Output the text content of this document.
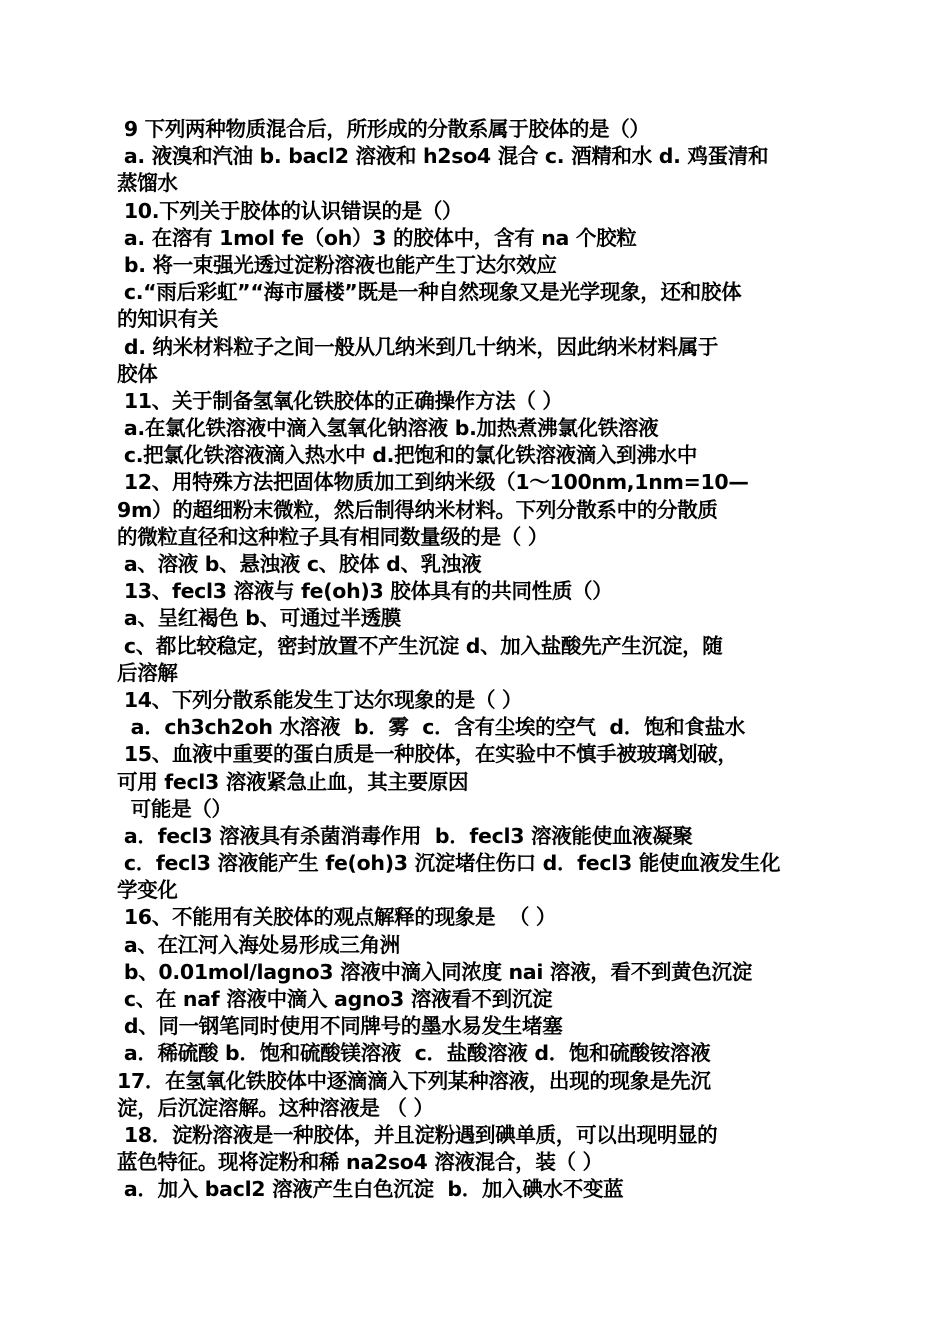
9 下列两种物质混合后，所形成的分散系属于胶体的是（）
a. 液溴和汽油 b. bacl2 溶液和 h2so4 混合 c. 酒精和水 d. 鸡蛋清和
蒸馏水
10.下列关于胶体的认识错误的是（）
a. 在溶有 1mol fe（oh）3 的胶体中，含有 na 个胶粒
b. 将一束强光透过淀粉溶液也能产生丁达尔效应
c.“雨后彩虹”“海市蜃楼”既是一种自然现象又是光学现象，还和胶体
的知识有关
d. 纳米材料粒子之间一般从几纳米到几十纳米，因此纳米材料属于
胶体
11、关于制备氢氧化铁胶体的正确操作方法（ ）
a.在氯化铁溶液中滴入氢氧化钠溶液 b.加热煮沸氯化铁溶液
c.把氯化铁溶液滴入热水中 d.把饱和的氯化铁溶液滴入到沸水中
12、用特殊方法把固体物质加工到纳米级（1～100nm,1nm=10—
9m）的超细粉末微粒，然后制得纳米材料。下列分散系中的分散质
的微粒直径和这种粒子具有相同数量级的是（ ）
a、溶液 b、悬浊液 c、胶体 d、乳浊液
13、fecl3 溶液与 fe(oh)3 胶体具有的共同性质（）
a、呈红褐色 b、可通过半透膜
c、都比较稳定，密封放置不产生沉淀 d、加入盐酸先产生沉淀，随
后溶解
14、下列分散系能发生丁达尔现象的是（ ）
a．ch3ch2oh 水溶液  b．雾  c．含有尘埃的空气  d．饱和食盐水
15、血液中重要的蛋白质是一种胶体，在实验中不慎手被玻璃划破，
可用 fecl3 溶液紧急止血，其主要原因
可能是（）
a．fecl3 溶液具有杀菌消毒作用  b．fecl3 溶液能使血液凝聚
c．fecl3 溶液能产生 fe(oh)3 沉淀堵住伤口 d．fecl3 能使血液发生化
学变化
16、不能用有关胶体的观点解释的现象是  （ ）
a、在江河入海处易形成三角洲
b、0.01mol/lagno3 溶液中滴入同浓度 nai 溶液，看不到黄色沉淀
c、在 naf 溶液中滴入 agno3 溶液看不到沉淀
d、同一钢笔同时使用不同牌号的墨水易发生堵塞
a．稀硫酸 b．饱和硫酸镁溶液  c．盐酸溶液 d．饱和硫酸铵溶液
17．在氢氧化铁胶体中逐滴滴入下列某种溶液，出现的现象是先沉
淀，后沉淀溶解。这种溶液是 （ ）
18．淀粉溶液是一种胶体，并且淀粉遇到碘单质，可以出现明显的
蓝色特征。现将淀粉和稀 na2so4 溶液混合，装（ ）
a．加入 bacl2 溶液产生白色沉淀  b．加入碘水不变蓝
